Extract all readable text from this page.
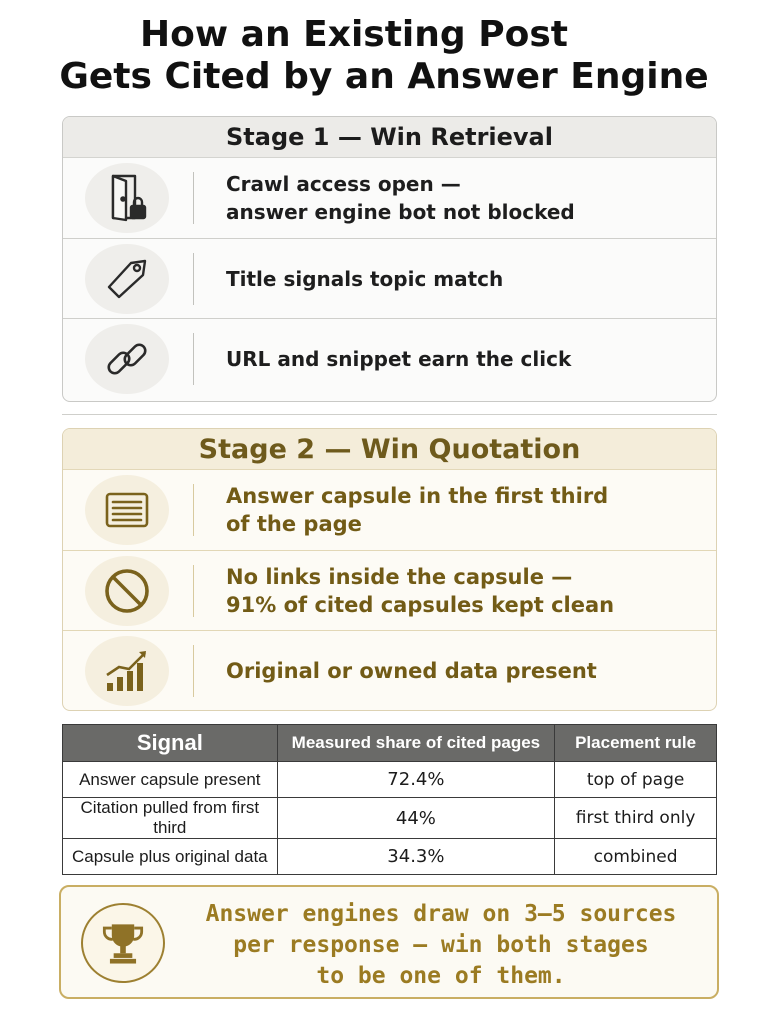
How an Existing Post
Gets Cited by an Answer Engine
Stage 1 — Win Retrieval
Crawl access open —
answer engine bot not blocked
Title signals topic match
URL and snippet earn the click
Stage 2 — Win Quotation
Answer capsule in the first third
of the page
No links inside the capsule —
91% of cited capsules kept clean
Original or owned data present
Signal	Measured share of cited pages	Placement rule
Answer capsule present	72.4%	top of page
Citation pulled from first third	44%	first third only
Capsule plus original data	34.3%	combined
Answer engines draw on 3–5 sources
per response — win both stages
to be one of them.
